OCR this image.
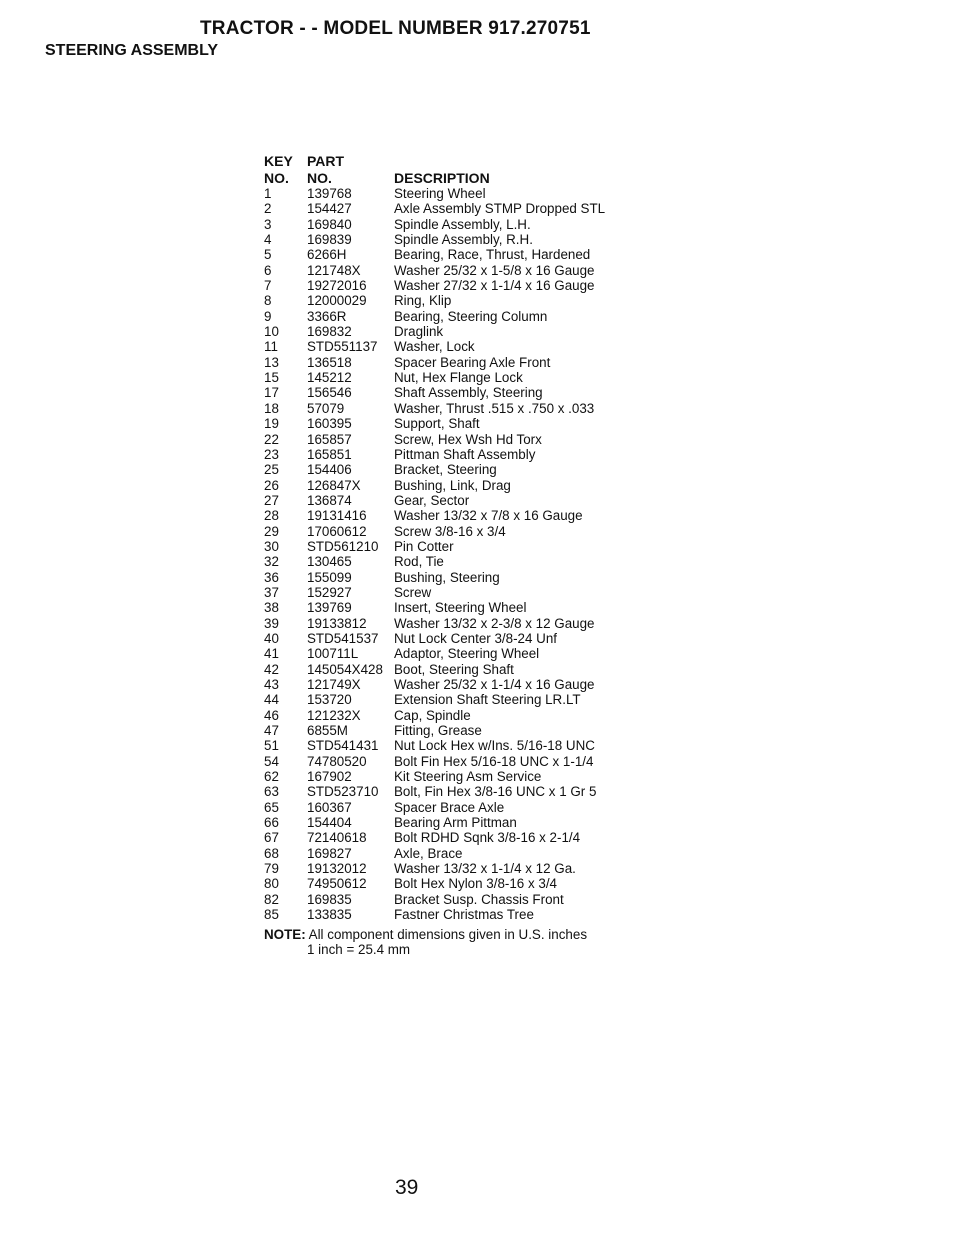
TRACTOR - - MODEL NUMBER 917.270751
STEERING ASSEMBLY
KEY	PART
NO.	NO.	DESCRIPTION
1	139768	Steering Wheel
2	154427	Axle Assembly STMP Dropped STL
3	169840	Spindle Assembly, L.H.
4	169839	Spindle Assembly, R.H.
5	6266H	Bearing, Race, Thrust, Hardened
6	121748X	Washer 25/32 x 1-5/8 x 16 Gauge
7	19272016	Washer 27/32 x 1-1/4 x 16 Gauge
8	12000029	Ring, Klip
9	3366R	Bearing, Steering Column
10	169832	Draglink
11	STD551137	Washer, Lock
13	136518	Spacer Bearing Axle Front
15	145212	Nut, Hex Flange Lock
17	156546	Shaft Assembly, Steering
18	57079	Washer, Thrust .515 x .750 x .033
19	160395	Support, Shaft
22	165857	Screw, Hex Wsh Hd Torx
23	165851	Pittman Shaft Assembly
25	154406	Bracket, Steering
26	126847X	Bushing, Link, Drag
27	136874	Gear, Sector
28	19131416	Washer 13/32 x 7/8 x 16 Gauge
29	17060612	Screw 3/8-16 x 3/4
30	STD561210	Pin Cotter
32	130465	Rod, Tie
36	155099	Bushing, Steering
37	152927	Screw
38	139769	Insert, Steering Wheel
39	19133812	Washer 13/32 x 2-3/8 x 12 Gauge
40	STD541537	Nut Lock Center 3/8-24 Unf
41	100711L	Adaptor, Steering Wheel
42	145054X428 Boot, Steering Shaft
43	121749X	Washer 25/32 x 1-1/4 x 16 Gauge
44	153720	Extension Shaft Steering LR.LT
46	121232X	Cap, Spindle
47	6855M	Fitting, Grease
51	STD541431	Nut Lock Hex w/Ins. 5/16-18 UNC
54	74780520	Bolt Fin Hex 5/16-18 UNC x 1-1/4
62	167902	Kit Steering Asm Service
63	STD523710	Bolt, Fin Hex 3/8-16 UNC x 1 Gr 5
65	160367	Spacer Brace Axle
66	154404	Bearing Arm Pittman
67	72140618	Bolt RDHD Sqnk 3/8-16 x 2-1/4
68	169827	Axle, Brace
79	19132012	Washer 13/32 x 1-1/4 x 12 Ga.
80	74950612	Bolt Hex Nylon 3/8-16 x 3/4
82	169835	Bracket Susp. Chassis Front
85	133835	Fastner Christmas Tree
NOTE: All component dimensions given in U.S. inches
1 inch = 25.4 mm
39
